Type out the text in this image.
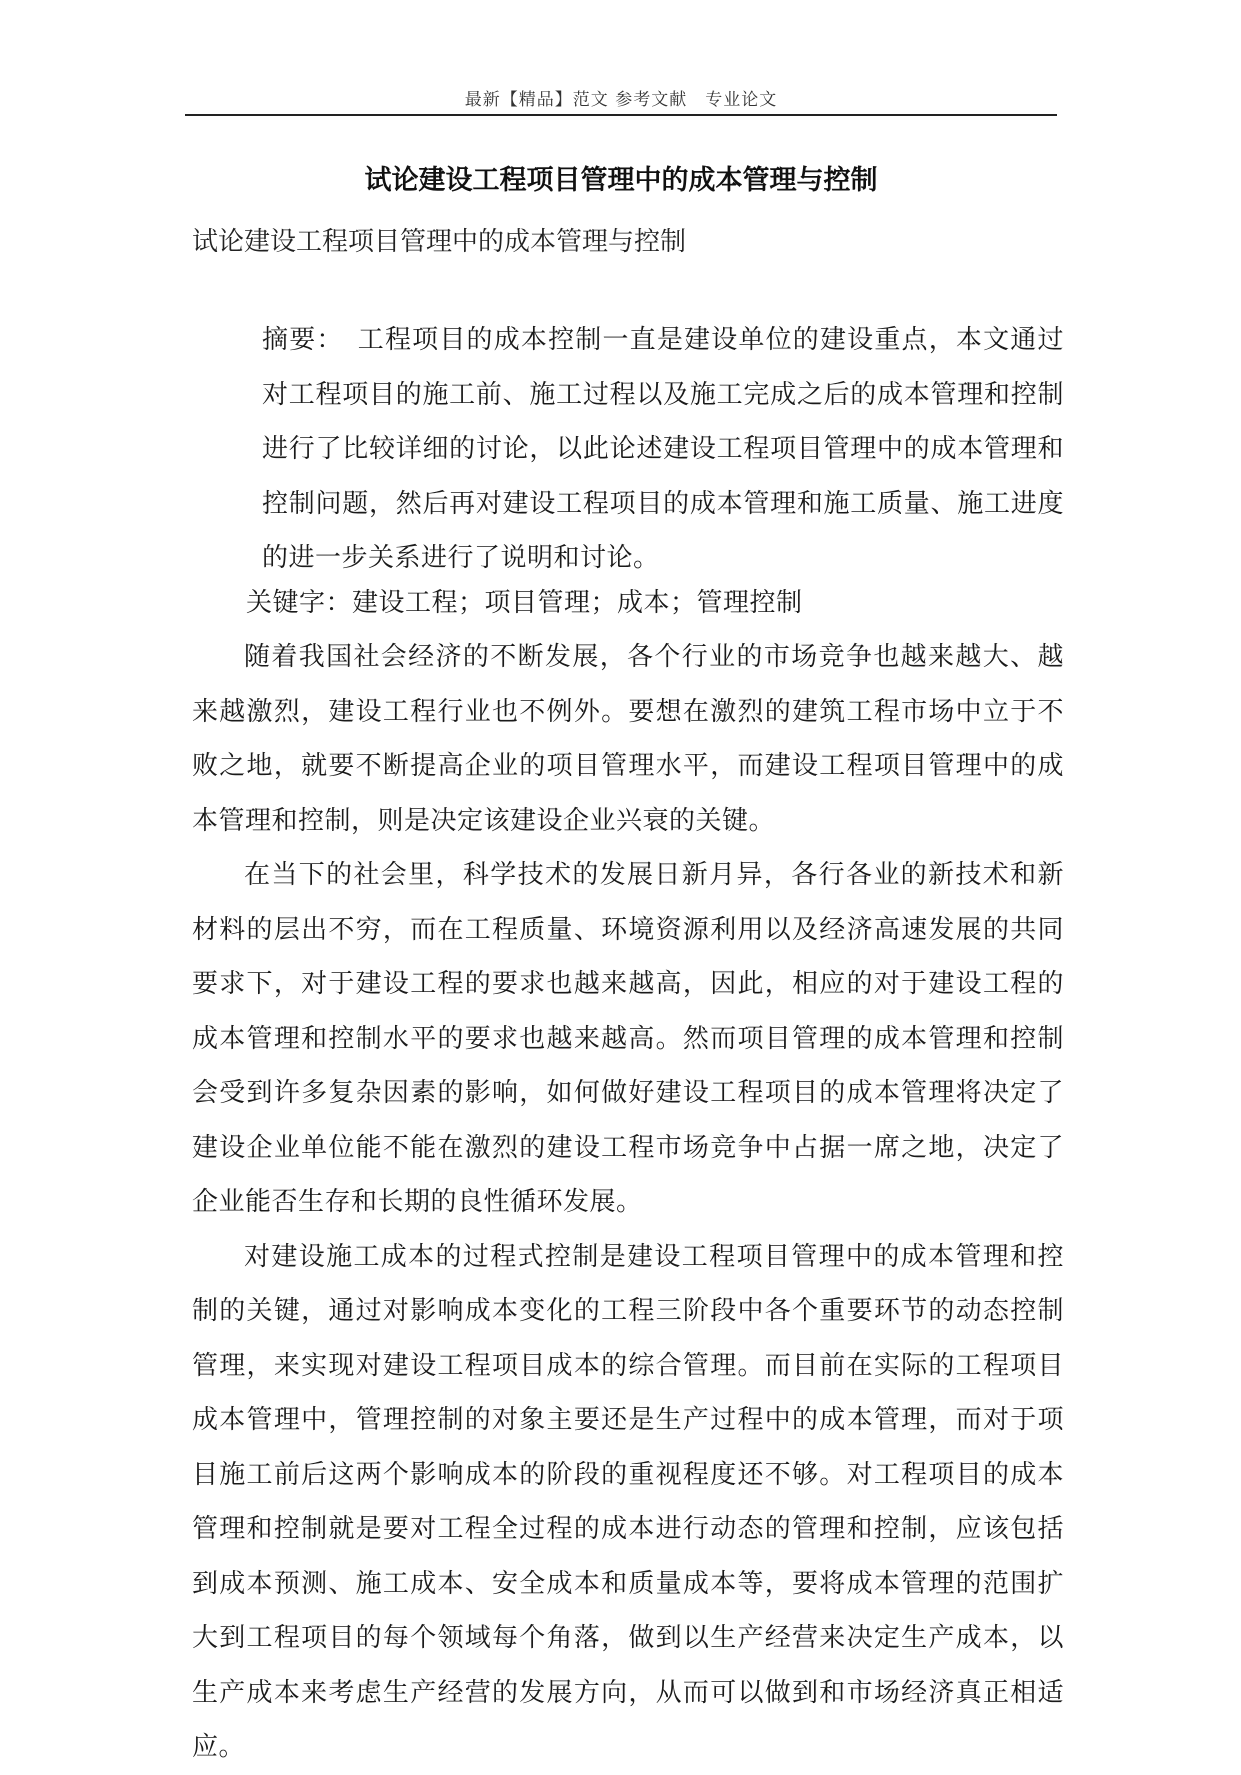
最新【精品】范文 参考文献　专业论文
试论建设工程项目管理中的成本管理与控制
试论建设工程项目管理中的成本管理与控制

摘要：　 工程项目的成本控制一直是建设单位的建设重点，本文通过对工程项目的施工前、施工过程以及施工完成之后的成本管理和控制进行了比较详细的讨论，以此论述建设工程项目管理中的成本管理和控制问题，然后再对建设工程项目的成本管理和施工质量、施工进度的进一步关系进行了说明和讨论。

关键字：建设工程；项目管理；成本；管理控制

随着我国社会经济的不断发展，各个行业的市场竞争也越来越大、越来越激烈，建设工程行业也不例外。要想在激烈的建筑工程市场中立于不败之地，就要不断提高企业的项目管理水平，而建设工程项目管理中的成本管理和控制，则是决定该建设企业兴衰的关键。

在当下的社会里，科学技术的发展日新月异，各行各业的新技术和新材料的层出不穷，而在工程质量、环境资源利用以及经济高速发展的共同要求下，对于建设工程的要求也越来越高，因此，相应的对于建设工程的成本管理和控制水平的要求也越来越高。然而项目管理的成本管理和控制会受到许多复杂因素的影响，如何做好建设工程项目的成本管理将决定了建设企业单位能不能在激烈的建设工程市场竞争中占据一席之地，决定了企业能否生存和长期的良性循环发展。

对建设施工成本的过程式控制是建设工程项目管理中的成本管理和控制的关键，通过对影响成本变化的工程三阶段中各个重要环节的动态控制管理，来实现对建设工程项目成本的综合管理。而目前在实际的工程项目成本管理中，管理控制的对象主要还是生产过程中的成本管理，而对于项目施工前后这两个影响成本的阶段的重视程度还不够。对工程项目的成本管理和控制就是要对工程全过程的成本进行动态的管理和控制，应该包括到成本预测、施工成本、安全成本和质量成本等，要将成本管理的范围扩大到工程项目的每个领域每个角落，做到以生产经营来决定生产成本，以生产成本来考虑生产经营的发展方向，从而可以做到和市场经济真正相适应。
